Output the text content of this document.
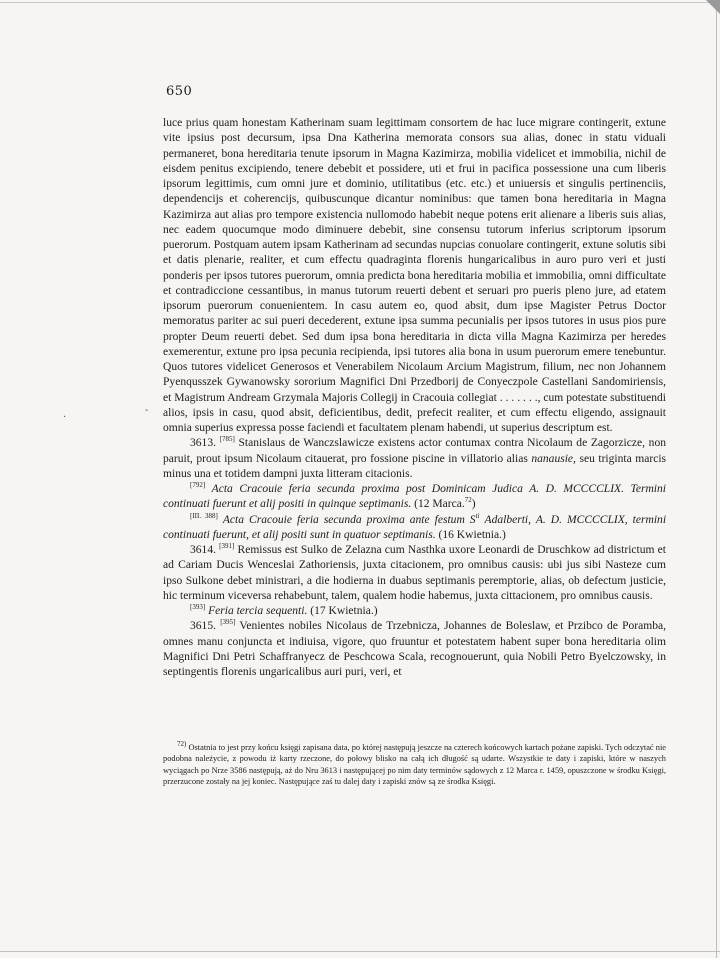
650
‐
·

luce prius quam honestam Katherinam suam legittimam consortem de hac luce migrare contingerit, extune vite ipsius post decursum, ipsa Dna Katherina memorata consors sua alias, donec in statu viduali permaneret, bona hereditaria tenute ipsorum in Magna Kazimirza, mobilia videlicet et immobilia, nichil de eisdem penitus excipiendo, tenere debebit et possidere, uti et frui in pacifica possessione una cum liberis ipsorum legittimis, cum omni jure et dominio, utilitatibus (etc. etc.) et uniuersis et singulis pertinenciis, dependencijs et coherencijs, quibuscunque dicantur nominibus: que tamen bona hereditaria in Magna Kazimirza aut alias pro tempore existencia nullomodo habebit neque potens erit alienare a liberis suis alias, nec eadem quocumque modo diminuere debebit, sine consensu tutorum inferius scriptorum ipsorum puerorum. Postquam autem ipsam Katherinam ad secundas nupcias conuolare contingerit, extune solutis sibi et datis plenarie, realiter, et cum effectu quadraginta florenis hungaricalibus in auro puro veri et justi ponderis per ipsos tutores puerorum, omnia predicta bona hereditaria mobilia et immobilia, omni difficultate et contradiccione cessantibus, in manus tutorum reuerti debent et seruari pro pueris pleno jure, ad etatem ipsorum puerorum conuenientem. In casu autem eo, quod absit, dum ipse Magister Petrus Doctor memoratus pariter ac sui pueri decederent, extune ipsa summa pecunialis per ipsos tutores in usus pios pure propter Deum reuerti debet. Sed dum ipsa bona hereditaria in dicta villa Magna Kazimirza per heredes exemerentur, extune pro ipsa pecunia recipienda, ipsi tutores alia bona in usum puerorum emere tenebuntur. Quos tutores videlicet Generosos et Venerabilem Nicolaum Arcium Magistrum, filium, nec non Johannem Pyenqusszek Gywanowsky sororium Magnifici Dni Przedborij de Conyeczpole Castellani Sandomiriensis, et Magistrum Andream Grzymala Majoris Collegij in Cracouia collegiat . . . . . . ., cum potestate substituendi alios, ipsis in casu, quod absit, deficientibus, dedit, prefecit realiter, et cum effectu eligendo, assignauit omnia superius expressa posse faciendi et facultatem plenam habendi, ut superius descriptum est.

3613. [785] Stanislaus de Wanczslawicze existens actor contumax contra Nicolaum de Zagorzicze, non paruit, prout ipsum Nicolaum citauerat, pro fossione piscine in villatorio alias nanausie, seu triginta marcis minus una et totidem dampni juxta litteram citacionis.

[792] Acta Cracouie feria secunda proxima post Dominicam Judica A. D. MCCCCLIX. Termini continuati fuerunt et alij positi in quinque septimanis. (12 Marca.$^{72}$)

[III. 388] Acta Cracouie feria secunda proxima ante festum $S^{ti}$ Adalberti, A. D. MCCCCLIX, termini continuati fuerunt, et alij positi sunt in quatuor septimanis. (16 Kwietnia.)

3614. [391] Remissus est Sulko de Zelazna cum Nasthka uxore Leonardi de Druschkow ad districtum et ad Cariam Ducis Wenceslai Zathoriensis, juxta citacionem, pro omnibus causis: ubi jus sibi Nasteze cum ipso Sulkone debet ministrari, a die hodierna in duabus septimanis peremptorie, alias, ob defectum justicie, hic terminum viceversa rehabebunt, talem, qualem hodie habemus, juxta cittacionem, pro omnibus causis.

[393] Feria tercia sequenti. (17 Kwietnia.)

3615. [395] Venientes nobiles Nicolaus de Trzebnicza, Johannes de Boleslaw, et Przibco de Poramba, omnes manu conjuncta et indiuisa, vigore, quo fruuntur et potestatem habent super bona hereditaria olim Magnifici Dni Petri Schaffranyecz de Peschcowa Scala, recognouerunt, quia Nobili Petro Byelczowsky, in septingentis florenis ungaricalibus auri puri, veri, et

$^{72)}$ Ostatnia to jest przy końcu księgi zapisana data, po której następują jeszcze na czterech końcowych kartach pożane zapiski. Tych odczytać nie podobna należycie, z powodu iż karty rzeczone, do połowy blisko na całą ich długość są udarte. Wszystkie te daty i zapiski, które w naszych wyciągach po Nrze 3586 następują, aż do Nru 3613 i następującej po nim daty terminów sądowych z 12 Marca r. 1459, opuszczone w środku Księgi, przerzucone zostały na jej koniec. Następujące zaś tu dalej daty i zapiski znów są ze środka Księgi.
